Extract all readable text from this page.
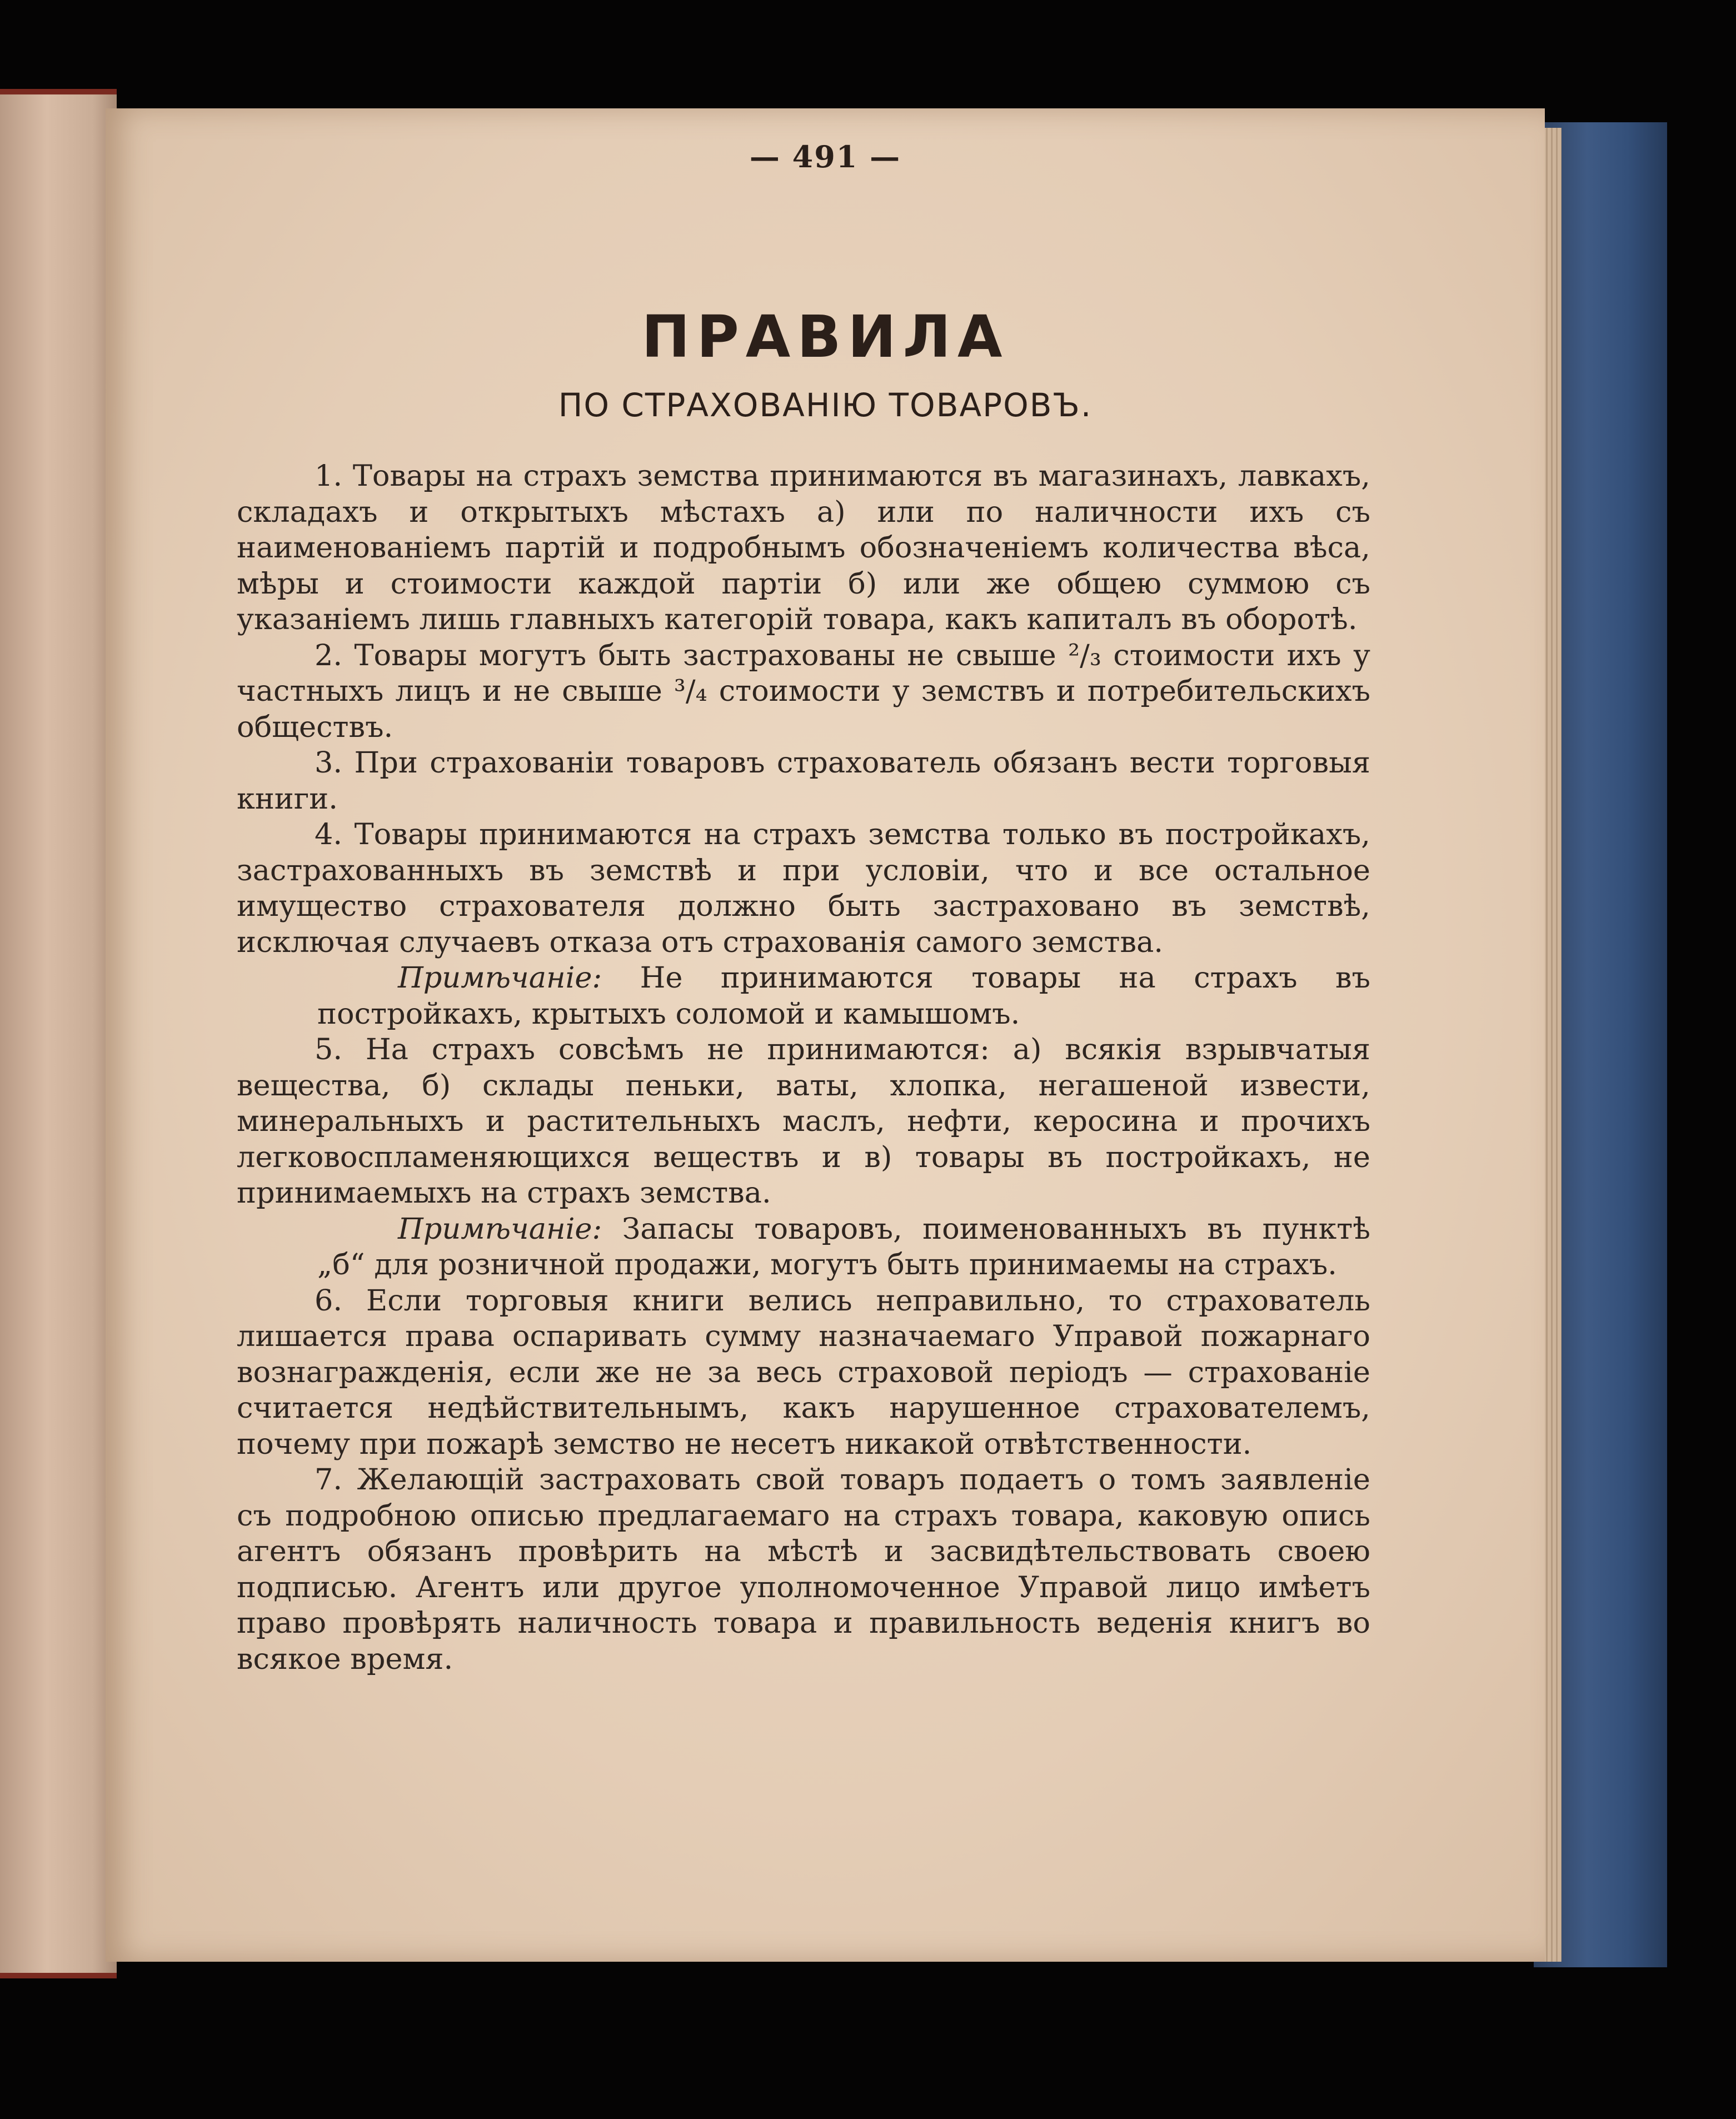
— 491 —
ПРАВИЛА
ПО СТРАХОВАНІЮ ТОВАРОВЪ.

1. Товары на страхъ земства принимаются въ магазинахъ, лавкахъ, складахъ и открытыхъ мѣстахъ а) или по наличности ихъ съ наименованіемъ партій и подробнымъ обозначеніемъ количества вѣса, мѣры и стоимости каждой партіи б) или же общею суммою съ указаніемъ лишь главныхъ категорій товара, какъ капиталъ въ оборотѣ.

2. Товары могутъ быть застрахованы не свыше ²/₃ стоимости ихъ у частныхъ лицъ и не свыше ³/₄ стоимости у земствъ и потребительскихъ обществъ.

3. При страхованіи товаровъ страхователь обязанъ вести торговыя книги.

4. Товары принимаются на страхъ земства только въ постройкахъ, застрахованныхъ въ земствѣ и при условіи, что и все остальное имущество страхователя должно быть застраховано въ земствѣ, исключая случаевъ отказа отъ страхованія самого земства.

Примѣчаніе: Не принимаются товары на страхъ въ постройкахъ, крытыхъ соломой и камышомъ.

5. На страхъ совсѣмъ не принимаются: а) всякія взрывчатыя вещества, б) склады пеньки, ваты, хлопка, негашеной извести, минеральныхъ и растительныхъ маслъ, нефти, керосина и прочихъ легковоспламеняющихся веществъ и в) товары въ постройкахъ, не принимаемыхъ на страхъ земства.

Примѣчаніе: Запасы товаровъ, поименованныхъ въ пунктѣ „б“ для розничной продажи, могутъ быть принимаемы на страхъ.

6. Если торговыя книги велись неправильно, то страхователь лишается права оспаривать сумму назначаемаго Управой пожарнаго вознагражденія, если же не за весь страховой періодъ — страхованіе считается недѣйствительнымъ, какъ нарушенное страхователемъ, почему при пожарѣ земство не несетъ никакой отвѣтственности.

7. Желающій застраховать свой товаръ подаетъ о томъ заявленіе съ подробною описью предлагаемаго на страхъ товара, каковую опись агентъ обязанъ провѣрить на мѣстѣ и засвидѣтельствовать своею подписью. Агентъ или другое уполномоченное Управой лицо имѣетъ право провѣрять наличность товара и правильность веденія книгъ во всякое время.
